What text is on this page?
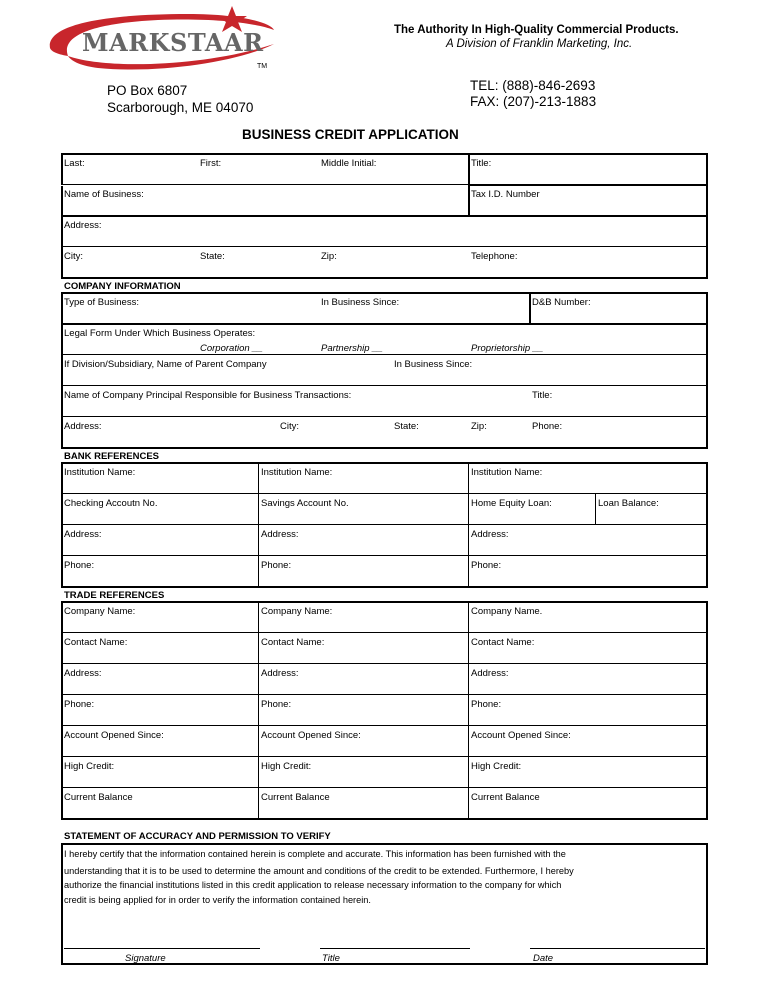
MARKSTAAR
TM
The Authority In High-Quality Commercial Products.
A Division of Franklin Marketing, Inc.
PO Box 6807
Scarborough, ME 04070
TEL: (888)-846-2693
FAX: (207)-213-1883
BUSINESS CREDIT APPLICATION
Last:	First:	Middle Initial:	Title:
Name of Business:	Tax I.D. Number
Address:
City:	State:	Zip:	Telephone:
COMPANY INFORMATION
Type of Business:	In Business Since:	D&B Number:
Legal Form Under Which Business Operates:
Corporation __	Partnership __	Proprietorship __
If Division/Subsidiary, Name of Parent Company	In Business Since:
Name of Company Principal Responsible for Business Transactions:	Title:
Address:	City:	State:	Zip:	Phone:
BANK REFERENCES
Institution Name:	Institution Name:	Institution Name:
Checking Accoutn No.	Savings Account No.	Home Equity Loan:	Loan Balance:
Address:	Address:	Address:
Phone:	Phone:	Phone:
TRADE REFERENCES
Company Name:	Company Name:	Company Name.
Contact Name:	Contact Name:	Contact Name:
Address:	Address:	Address:
Phone:	Phone:	Phone:
Account Opened Since:	Account Opened Since:	Account Opened Since:
High Credit:	High Credit:	High Credit:
Current Balance	Current Balance	Current Balance
STATEMENT OF ACCURACY AND PERMISSION TO VERIFY
I hereby certify that the information contained herein is complete and accurate. This information has been furnished with the
understanding that it is to be used to determine the amount and conditions of the credit to be extended. Furthermore, I hereby
authorize the financial institutions listed in this credit application to release necessary information to the company for which
credit is being applied for in order to verify the information contained herein.
Signature	Title	Date
